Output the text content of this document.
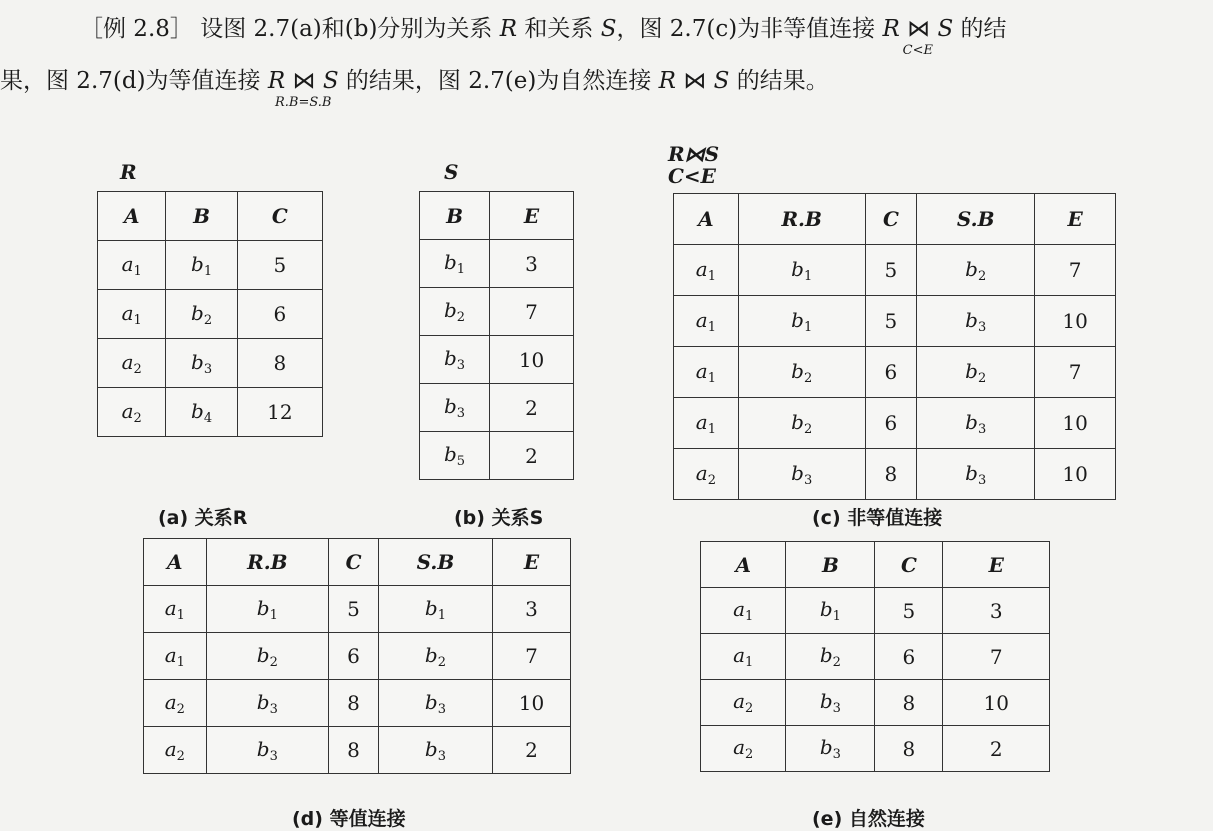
［例 2.8］ 设图 2.7(a)和(b)分别为关系 R 和关系 S，图 2.7(c)为非等值连接 R ⋈ S
C<E
的结
果，图 2.7(d)为等值连接 R ⋈ S
R.B=S.B
的结果，图 2.7(e)为自然连接 R ⋈ S 的结果。
R	S
R⋈S
C<E
A	B	C
$a_1$	$b_1$	5
$a_1$	$b_2$	6
$a_2$	$b_3$	8
$a_2$	$b_4$	12
B	E
$b_1$	3
$b_2$	7
$b_3$	10
$b_3$	2
$b_5$	2
A	R.B	C	S.B	E
$a_1$	$b_1$	5	$b_2$	7
$a_1$	$b_1$	5	$b_3$	10
$a_1$	$b_2$	6	$b_2$	7
$a_1$	$b_2$	6	$b_3$	10
$a_2$	$b_3$	8	$b_3$	10
A	R.B	C	S.B	E
$a_1$	$b_1$	5	$b_1$	3
$a_1$	$b_2$	6	$b_2$	7
$a_2$	$b_3$	8	$b_3$	10
$a_2$	$b_3$	8	$b_3$	2
A	B	C	E
$a_1$	$b_1$	5	3
$a_1$	$b_2$	6	7
$a_2$	$b_3$	8	10
$a_2$	$b_3$	8	2
(a) 关系R	(b) 关系S	(c) 非等值连接
(d) 等值连接	(e) 自然连接
